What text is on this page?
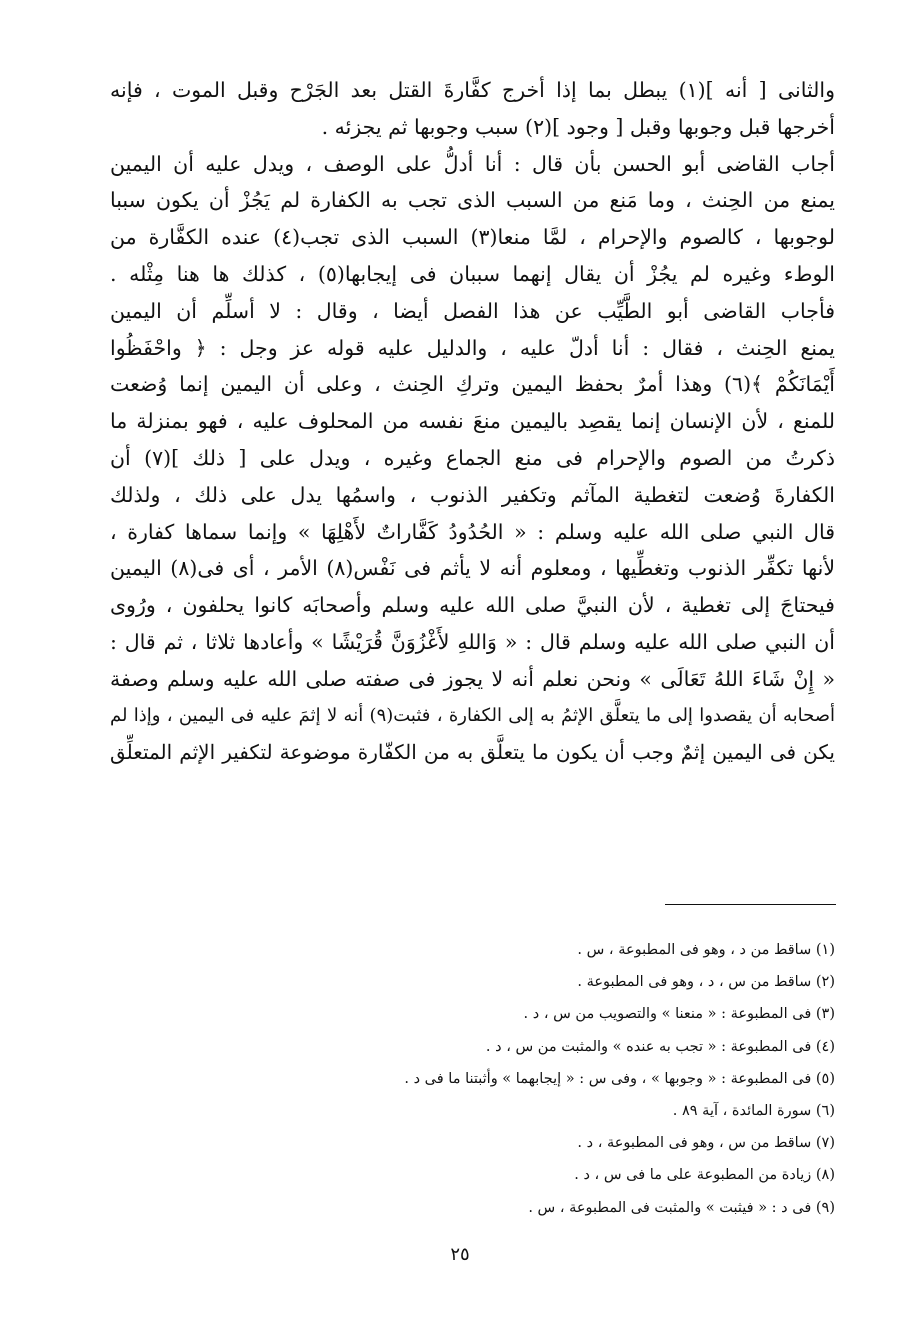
والثانى [ أنه ](١) يبطل بما إذا أخرج كفَّارةَ القتل بعد الجَرْح وقبل الموت ، فإنه
أخرجها قبل وجوبها وقبل [ وجود ](٢) سبب وجوبها ثم يجزئه .
أجاب القاضى أبو الحسن بأن قال : أنا أدلُّ على الوصف ، ويدل عليه أن اليمين
يمنع من الحِنث ، وما مَنع من السبب الذى تجب به الكفارة لم يَجُزْ أن يكون سببا
لوجوبها ، كالصوم والإحرام ، لمَّا منعا(٣) السبب الذى تجب(٤) عنده الكفَّارة من
الوطء وغيره لم يجُزْ أن يقال إنهما سببان فى إيجابها(٥) ، كذلك ها هنا مِثْله .
فأجاب القاضى أبو الطَّيِّب عن هذا الفصل أيضا ، وقال : لا أسلِّم أن اليمين
يمنع الحِنث ، فقال : أنا أدلّ عليه ، والدليل عليه قوله عز وجل : ﴿ واحْفَظُوا
أَيْمَانَكُمْ ﴾(٦) وهذا أمرٌ بحفظ اليمين وتركِ الحِنث ، وعلى أن اليمين إنما وُضعت
للمنع ، لأن الإنسان إنما يقصِد باليمين منعَ نفسه من المحلوف عليه ، فهو بمنزلة ما
ذكرتُ من الصوم والإحرام فى منع الجماع وغيره ، ويدل على [ ذلك ](٧) أن
الكفارةَ وُضعت لتغطية المآثم وتكفير الذنوب ، واسمُها يدل على ذلك ، ولذلك
قال النبي صلى الله عليه وسلم : « الحُدُودُ كَفَّاراتٌ لأَهْلِهَا » وإنما سماها كفارة ،
لأنها تكفِّر الذنوب وتغطِّيها ، ومعلوم أنه لا يأثم فى نَفْس(٨) الأمر ، أى فى(٨) اليمين
فيحتاجَ إلى تغطية ، لأن النبيَّ صلى الله عليه وسلم وأصحابَه كانوا يحلفون ، ورُوى
أن النبي صلى الله عليه وسلم قال : « وَاللهِ لأَغْزُوَنَّ قُرَيْشًا » وأعادها ثلاثا ، ثم قال :
« إِنْ شَاءَ اللهُ تَعَالَى » ونحن نعلم أنه لا يجوز فى صفته صلى الله عليه وسلم وصفة
أصحابه أن يقصدوا إلى ما يتعلَّق الإثمُ به إلى الكفارة ، فثبت(٩) أنه لا إثمَ عليه فى اليمين ، وإذا لم
يكن فى اليمين إثمٌ وجب أن يكون ما يتعلَّق به من الكفّارة موضوعة لتكفير الإثم المتعلِّق
(١) ساقط من د ، وهو فى المطبوعة ، س .
(٢) ساقط من س ، د ، وهو فى المطبوعة .
(٣) فى المطبوعة : « منعنا » والتصويب من س ، د .
(٤) فى المطبوعة : « تجب به عنده » والمثبت من س ، د .
(٥) فى المطبوعة : « وجوبها » ، وفى س : « إيجابهما » وأثبتنا ما فى د .
(٦) سورة المائدة ، آية ٨٩ .
(٧) ساقط من س ، وهو فى المطبوعة ، د .
(٨) زيادة من المطبوعة على ما فى س ، د .
(٩) فى د : « فيثبت » والمثبت فى المطبوعة ، س .
٢٥
